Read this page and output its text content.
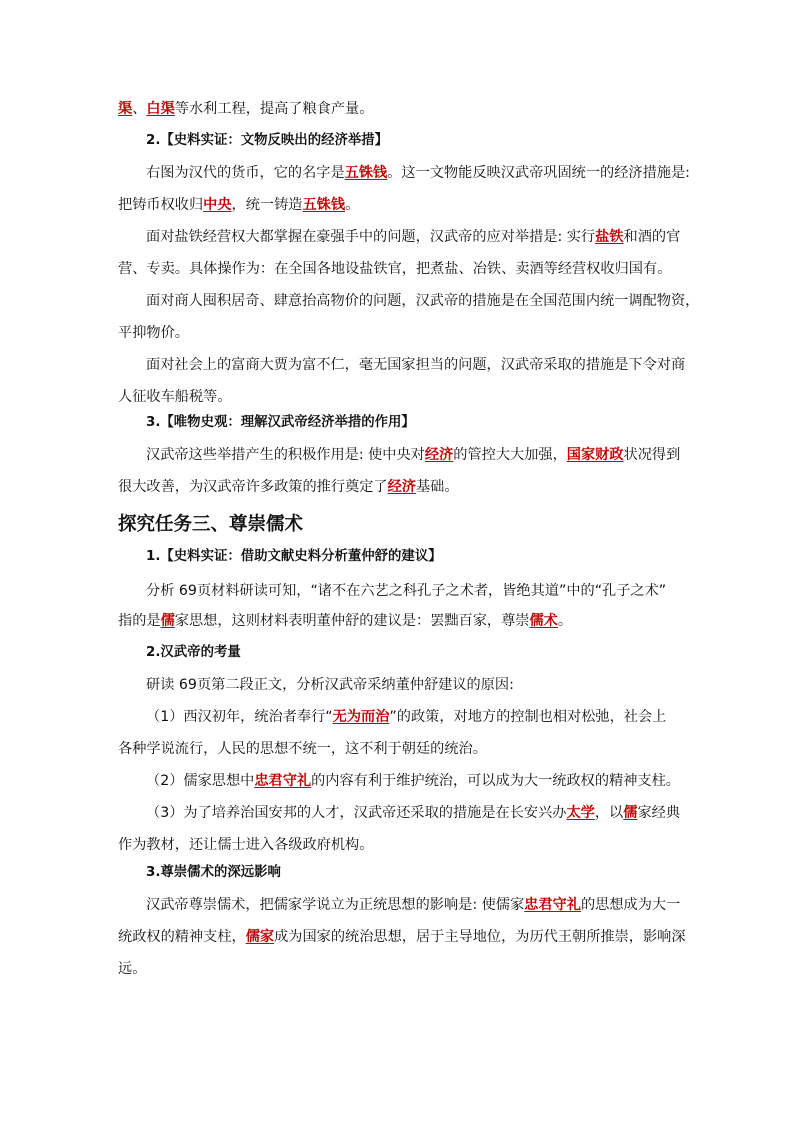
渠、白渠等水利工程，提高了粮食产量。

2.【史料实证：文物反映出的经济举措】

右图为汉代的货币，它的名字是五铢钱。这一文物能反映汉武帝巩固统一的经济措施是:

把铸币权收归中央，统一铸造五铢钱。

面对盐铁经营权大都掌握在豪强手中的问题，汉武帝的应对举措是: 实行盐铁和酒的官

营、专卖。具体操作为：在全国各地设盐铁官，把煮盐、冶铁、卖酒等经营权收归国有。

面对商人囤积居奇、肆意抬高物价的问题，汉武帝的措施是在全国范围内统一调配物资，

平抑物价。

面对社会上的富商大贾为富不仁，毫无国家担当的问题，汉武帝采取的措施是下令对商

人征收车船税等。

3.【唯物史观：理解汉武帝经济举措的作用】

汉武帝这些举措产生的积极作用是: 使中央对经济的管控大大加强，国家财政状况得到

很大改善，为汉武帝许多政策的推行奠定了经济基础。

探究任务三、尊崇儒术

1.【史料实证：借助文献史料分析董仲舒的建议】

分析 69页材料研读可知，“诸不在六艺之科孔子之术者，皆绝其道”中的“孔子之术”

指的是儒家思想，这则材料表明董仲舒的建议是：罢黜百家，尊崇儒术。

2.汉武帝的考量

研读 69页第二段正文，分析汉武帝采纳董仲舒建议的原因:

（1）西汉初年，统治者奉行“无为而治”的政策，对地方的控制也相对松弛，社会上

各种学说流行，人民的思想不统一，这不利于朝廷的统治。

（2）儒家思想中忠君守礼的内容有利于维护统治，可以成为大一统政权的精神支柱。

（3）为了培养治国安邦的人才，汉武帝还采取的措施是在长安兴办太学，以儒家经典

作为教材，还让儒士进入各级政府机构。

3.尊崇儒术的深远影响

汉武帝尊崇儒术，把儒家学说立为正统思想的影响是: 使儒家忠君守礼的思想成为大一

统政权的精神支柱，儒家成为国家的统治思想，居于主导地位，为历代王朝所推崇，影响深

远。
